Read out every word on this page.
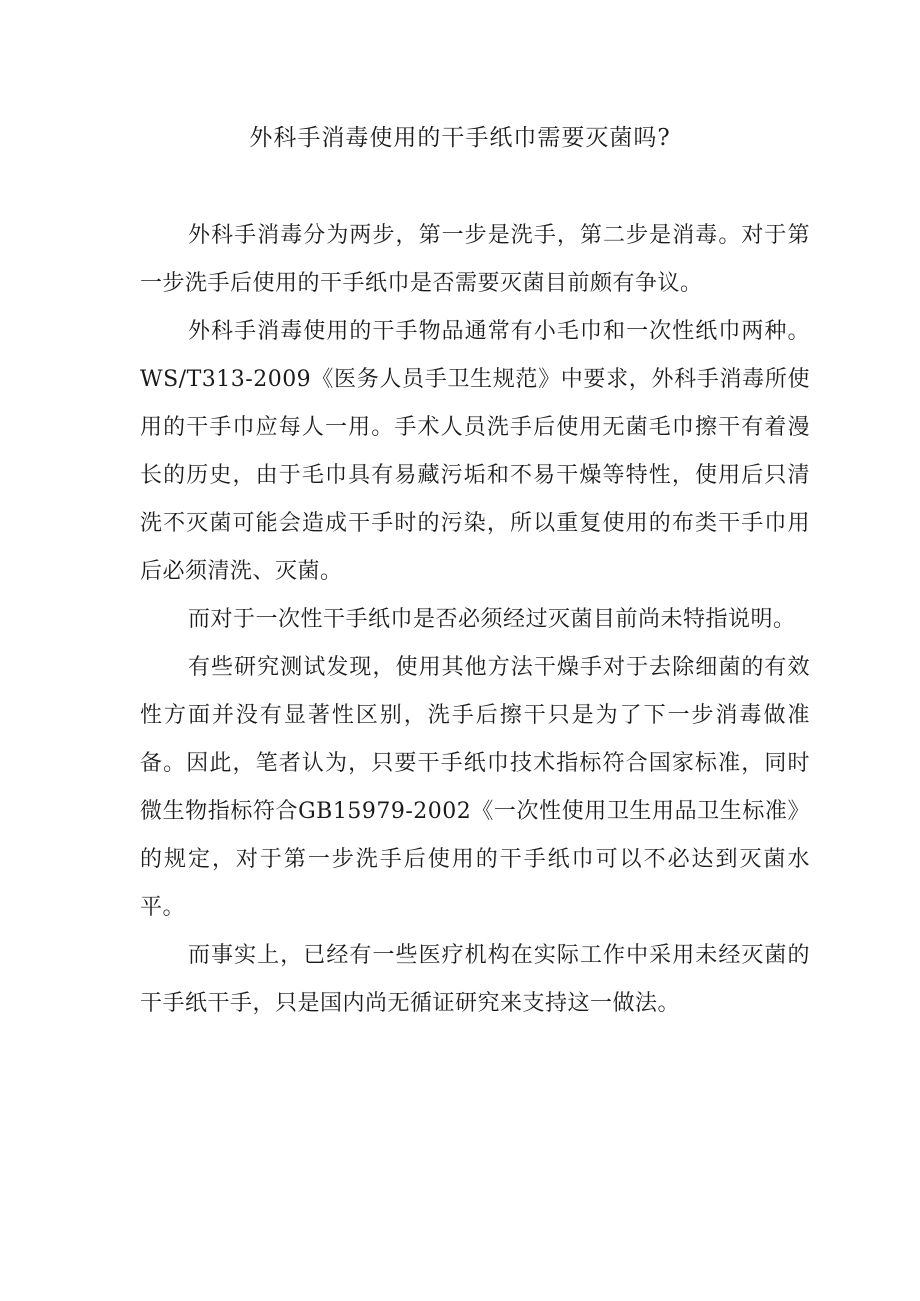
外科手消毒使用的干手纸巾需要灭菌吗?

外科手消毒分为两步，第一步是洗手，第二步是消毒。对于第一步洗手后使用的干手纸巾是否需要灭菌目前颇有争议。

外科手消毒使用的干手物品通常有小毛巾和一次性纸巾两种。WS/T313-2009《医务人员手卫生规范》中要求，外科手消毒所使用的干手巾应每人一用。手术人员洗手后使用无菌毛巾擦干有着漫长的历史，由于毛巾具有易藏污垢和不易干燥等特性，使用后只清洗不灭菌可能会造成干手时的污染，所以重复使用的布类干手巾用后必须清洗、灭菌。

而对于一次性干手纸巾是否必须经过灭菌目前尚未特指说明。

有些研究测试发现，使用其他方法干燥手对于去除细菌的有效性方面并没有显著性区别，洗手后擦干只是为了下一步消毒做准备。因此，笔者认为，只要干手纸巾技术指标符合国家标准，同时微生物指标符合GB15979-2002《一次性使用卫生用品卫生标准》的规定，对于第一步洗手后使用的干手纸巾可以不必达到灭菌水平。

而事实上，已经有一些医疗机构在实际工作中采用未经灭菌的干手纸干手，只是国内尚无循证研究来支持这一做法。
